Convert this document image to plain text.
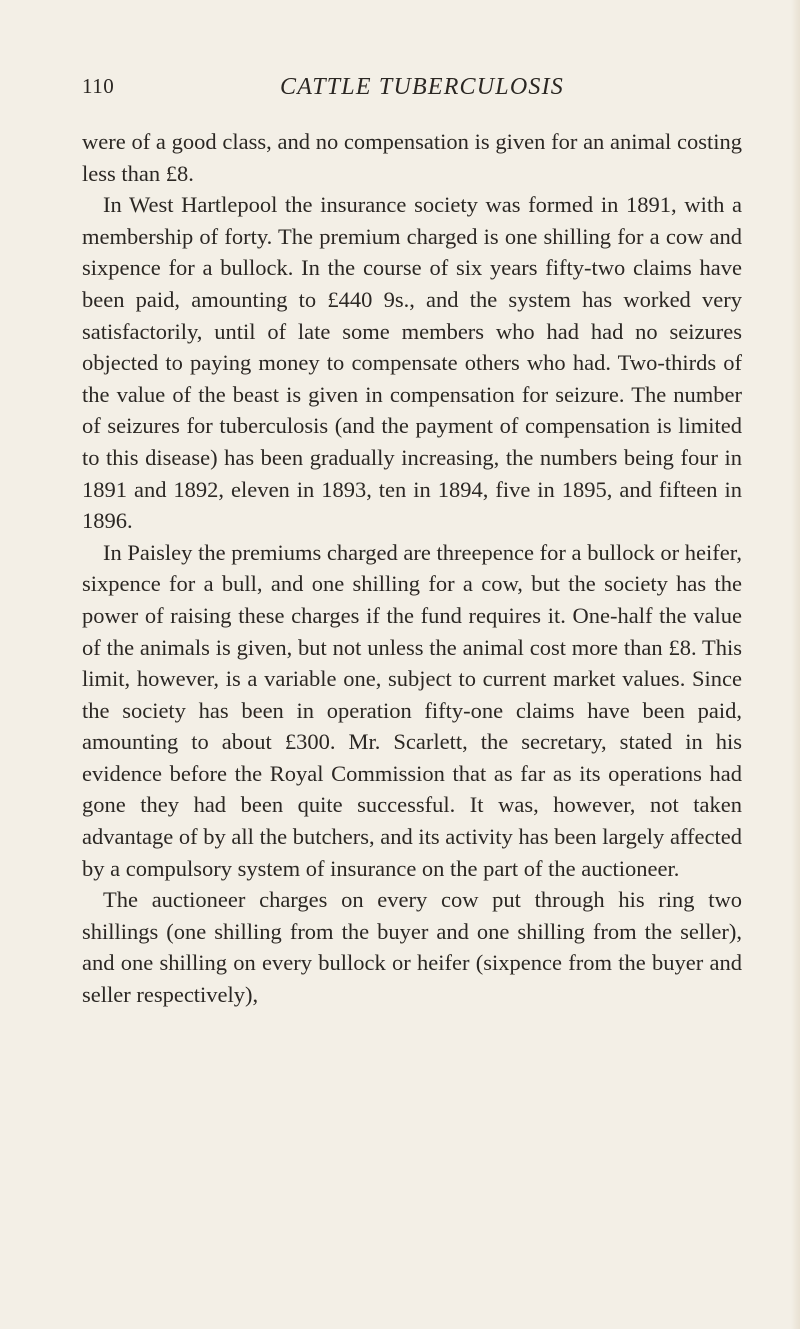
110	CATTLE TUBERCULOSIS

were of a good class, and no compensation is given for an animal costing less than £8.

In West Hartlepool the insurance society was formed in 1891, with a membership of forty. The premium charged is one shilling for a cow and sixpence for a bullock. In the course of six years fifty-two claims have been paid, amounting to £440 9s., and the system has worked very satisfactorily, until of late some members who had had no seizures objected to paying money to compensate others who had. Two-thirds of the value of the beast is given in compensation for seizure. The number of seizures for tuberculosis (and the payment of compensation is limited to this disease) has been gradually increasing, the numbers being four in 1891 and 1892, eleven in 1893, ten in 1894, five in 1895, and fifteen in 1896.

In Paisley the premiums charged are threepence for a bullock or heifer, sixpence for a bull, and one shilling for a cow, but the society has the power of raising these charges if the fund requires it. One-half the value of the animals is given, but not unless the animal cost more than £8. This limit, however, is a variable one, subject to current market values. Since the society has been in operation fifty-one claims have been paid, amounting to about £300. Mr. Scarlett, the secretary, stated in his evidence before the Royal Commission that as far as its operations had gone they had been quite successful. It was, however, not taken advantage of by all the butchers, and its activity has been largely affected by a compulsory system of insurance on the part of the auctioneer.

The auctioneer charges on every cow put through his ring two shillings (one shilling from the buyer and one shilling from the seller), and one shilling on every bullock or heifer (sixpence from the buyer and seller respectively),
